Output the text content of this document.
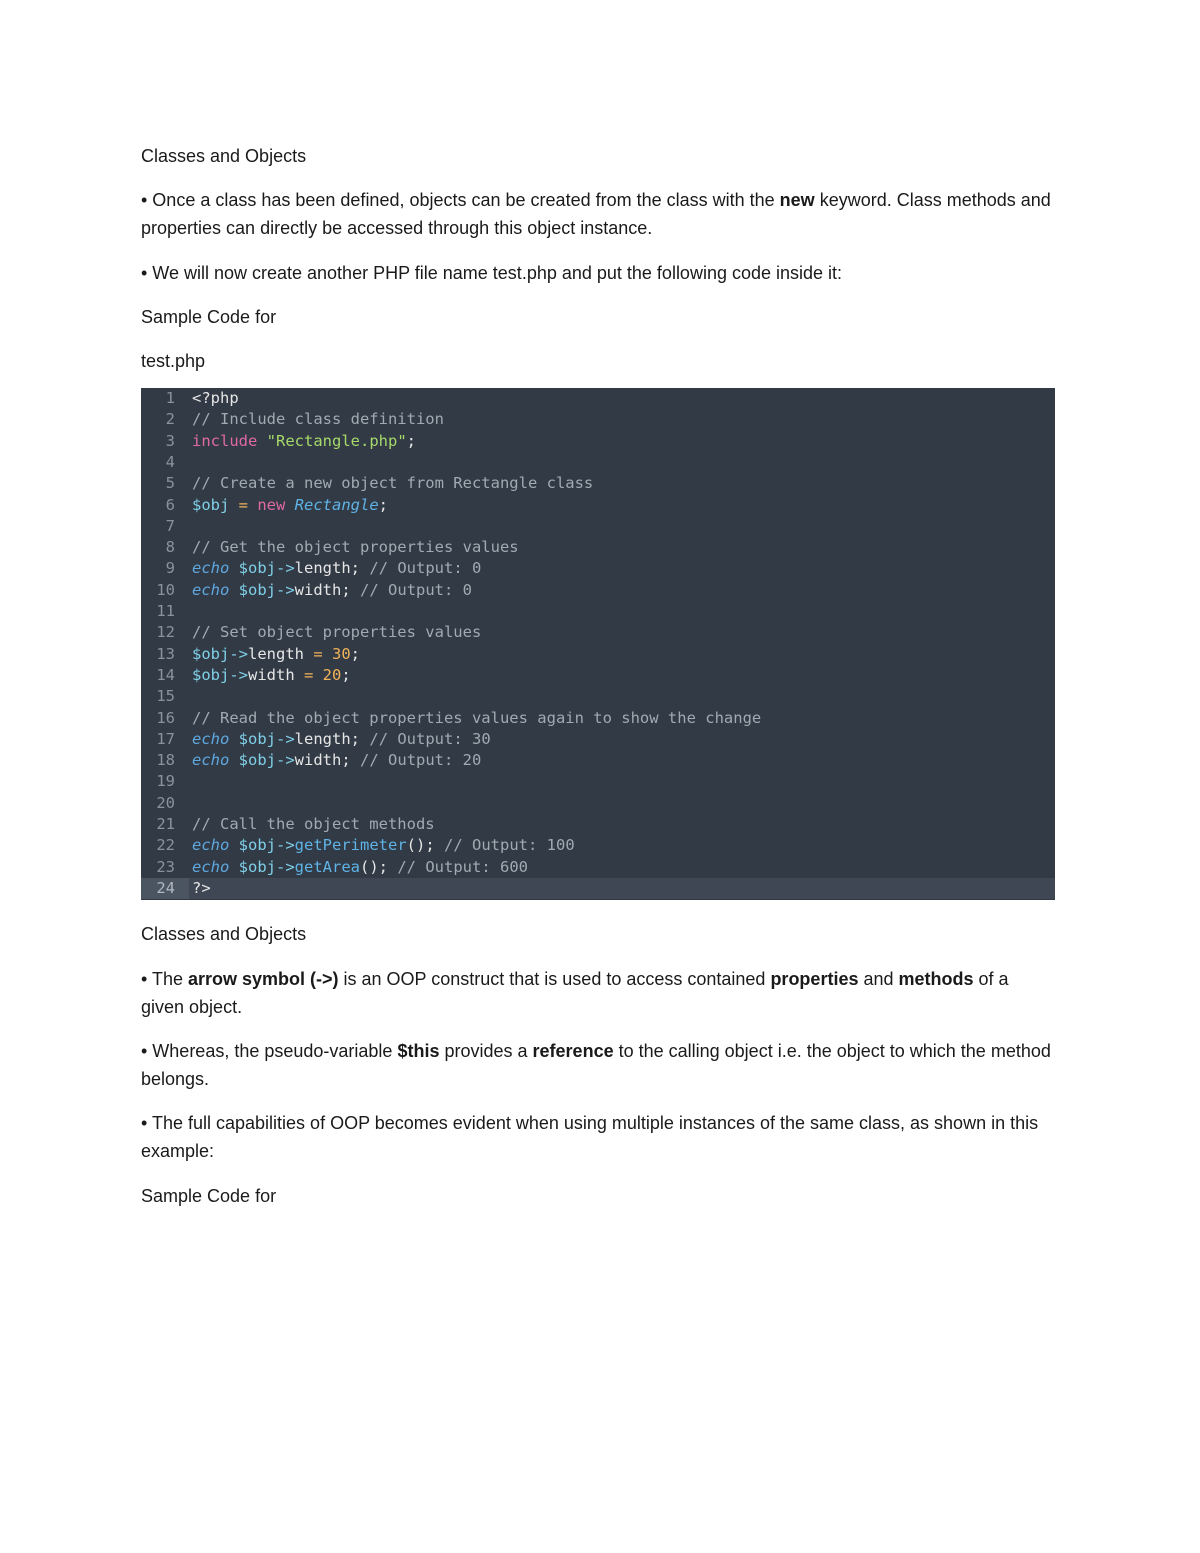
Classes and Objects
• Once a class has been defined, objects can be created from the class with the new keyword. Class methods and properties can directly be accessed through this object instance.
• We will now create another PHP file name test.php and put the following code inside it:
Sample Code for
test.php
1 <?php
2 // Include class definition
3 include "Rectangle.php";
4
5 // Create a new object from Rectangle class
6 $obj = new Rectangle;
7
8 // Get the object properties values
9 echo $obj->length; // Output: 0
10 echo $obj->width; // Output: 0
11
12 // Set object properties values
13 $obj->length = 30;
14 $obj->width = 20;
15
16 // Read the object properties values again to show the change
17 echo $obj->length; // Output: 30
18 echo $obj->width; // Output: 20
19
20
21 // Call the object methods
22 echo $obj->getPerimeter(); // Output: 100
23 echo $obj->getArea(); // Output: 600
24	?>
Classes and Objects
• The arrow symbol (->) is an OOP construct that is used to access contained properties and methods of a given object.
• Whereas, the pseudo-variable $this provides a reference to the calling object i.e. the object to which the method belongs.
• The full capabilities of OOP becomes evident when using multiple instances of the same class, as shown in this example:
Sample Code for
